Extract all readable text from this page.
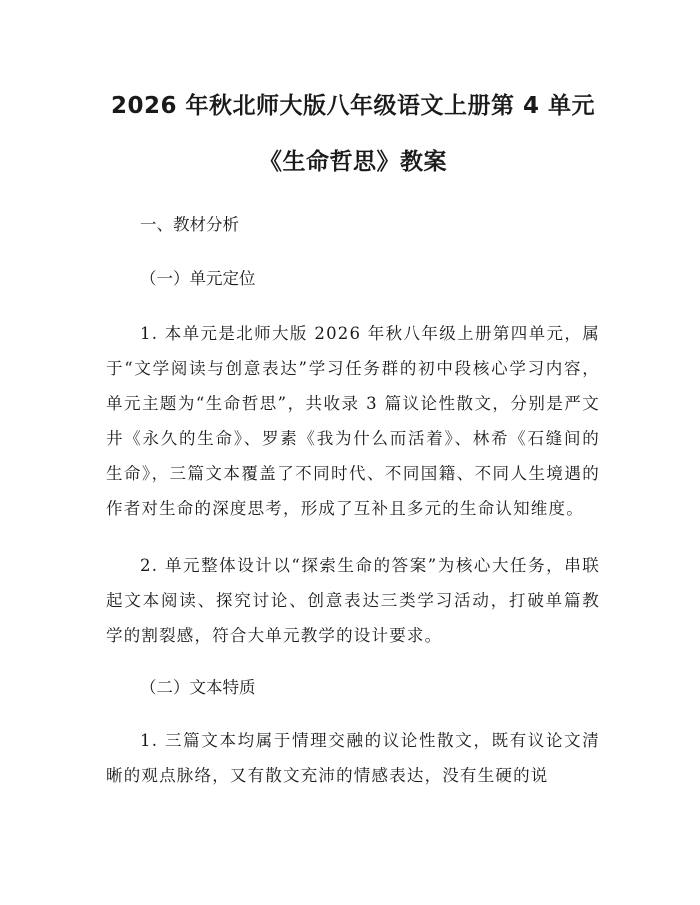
2026 年秋北师大版八年级语文上册第 4 单元
《生命哲思》教案

一、教材分析

（一）单元定位

1. 本单元是北师大版 2026 年秋八年级上册第四单元，属于“文学阅读与创意表达”学习任务群的初中段核心学习内容，单元主题为“生命哲思”，共收录 3 篇议论性散文，分别是严文井《永久的生命》、罗素《我为什么而活着》、林希《石缝间的生命》，三篇文本覆盖了不同时代、不同国籍、不同人生境遇的作者对生命的深度思考，形成了互补且多元的生命认知维度。

2. 单元整体设计以“探索生命的答案”为核心大任务，串联起文本阅读、探究讨论、创意表达三类学习活动，打破单篇教学的割裂感，符合大单元教学的设计要求。

（二）文本特质

1. 三篇文本均属于情理交融的议论性散文，既有议论文清晰的观点脉络，又有散文充沛的情感表达，没有生硬的说
